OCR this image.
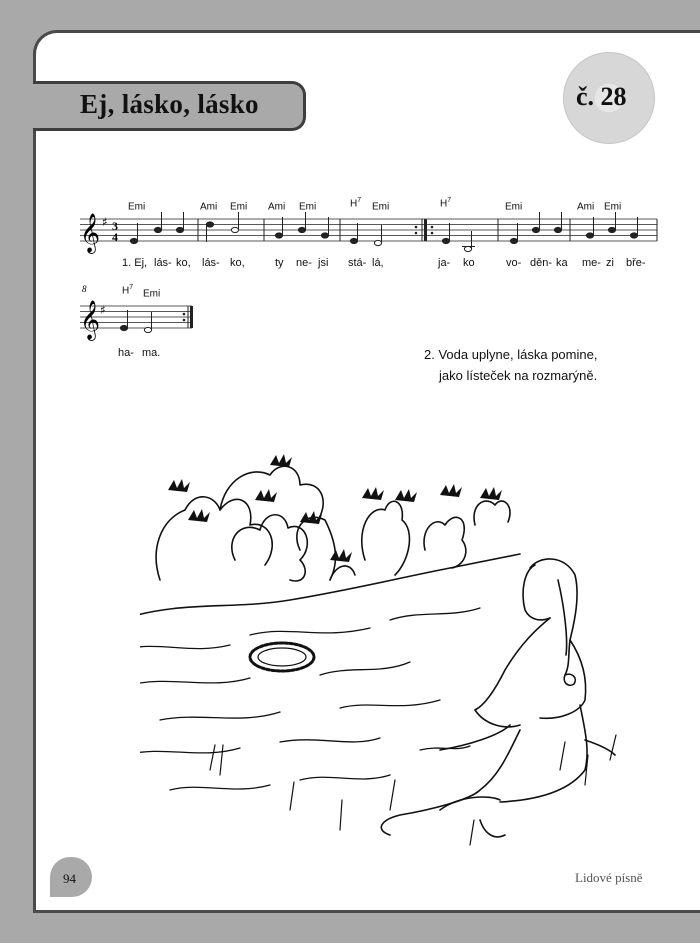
Ej, lásko, lásko	č. 28
𝄞
𝄞
♯
♯
3
4
8
Emi	Ami Emi Ami Emi	$H^7$
Emi	$H^7$
Emi	Ami Emi
$H^7$
Emi
1. Ej, lás- ko, lás- ko,	ty ne- jsi stá- lá,	ja- ko	vo- děn- ka me- zi bře-
ha- ma.	2. Voda uplyne, láska pomine,
jako lísteček na rozmarýně.
94	Lidové písně
